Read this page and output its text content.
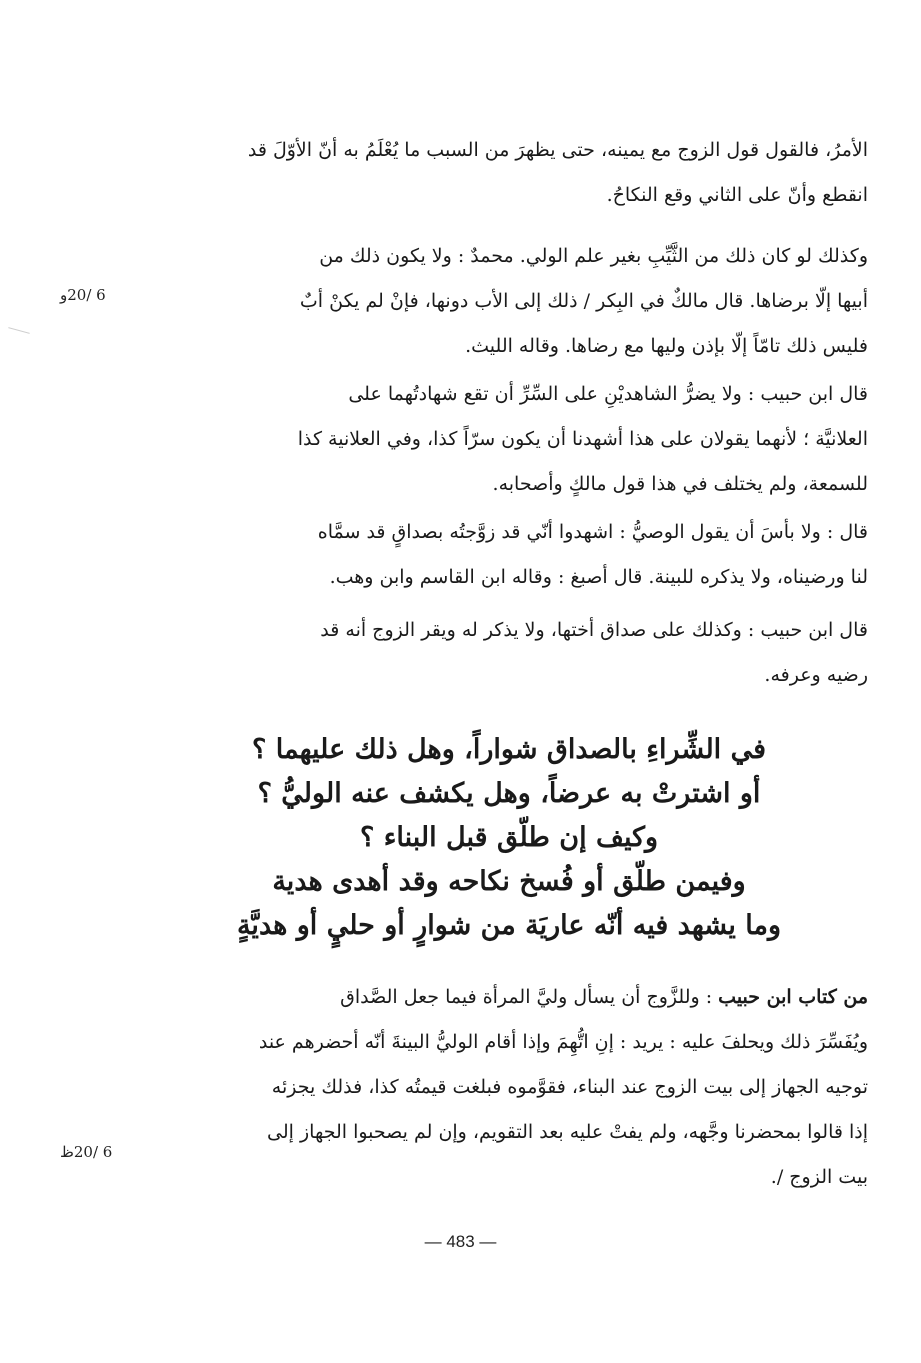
الأمرُ، فالقول قول الزوج مع يمينه، حتى يظهرَ من السبب ما يُعْلَمُ به أنّ الأوّلَ قد
انقطع وأنّ على الثاني وقع النكاحُ.
وكذلك لو كان ذلك من الثَّيِّبِ بغير علم الولي. محمدٌ : ولا يكون ذلك من
أبيها إلّا برضاها. قال مالكٌ في البِكر / ذلك إلى الأب دونها، فإنْ لم يكنْ أبٌ
فليس ذلك تامّاً إلّا بإذن وليها مع رضاها. وقاله الليث.
قال ابن حبيب : ولا يضرُّ الشاهديْنِ على السِّرِّ أن تقع شهادتُهما على
العلانيَّة ؛ لأنهما يقولان على هذا أشهدنا أن يكون سرّاً كذا، وفي العلانية كذا
للسمعة، ولم يختلف في هذا قول مالكٍ وأصحابه.
قال : ولا بأسَ أن يقول الوصيُّ : اشهدوا أنّي قد زوَّجتُه بصداقٍ قد سمَّاه
لنا ورضيناه، ولا يذكره للبينة. قال أصبغ : وقاله ابن القاسم وابن وهب.
قال ابن حبيب : وكذلك على صداق أختها، ولا يذكر له ويقر الزوج أنه قد
رضيه وعرفه.
في الشِّراءِ بالصداق شواراً، وهل ذلك عليهما ؟
أو اشترتْ به عرضاً، وهل يكشف عنه الوليُّ ؟
وكيف إن طلّق قبل البناء ؟
وفيمن طلّق أو فُسخ نكاحه وقد أهدى هدية
وما يشهد فيه أنّه عاريَة من شوارٍ أو حليٍ أو هديَّةٍ
من كتاب ابن حبيب : وللزَّوج أن يسأل وليَّ المرأة فيما جعل الصَّداق
ويُفَسِّرَ ذلك ويحلفَ عليه : يريد : إنِ اتُّهِمَ وإذا أقام الوليُّ البينةَ أنّه أحضرهم عند
توجيه الجهاز إلى بيت الزوج عند البناء، فقوَّموه فبلغت قيمتُه كذا، فذلك يجزئه
إذا قالوا بمحضرنا وجَّهه، ولم يفتْ عليه بعد التقويم، وإن لم يصحبوا الجهاز إلى
بيت الزوج /.
6 /20و
6 /20ظ
— 483 —
